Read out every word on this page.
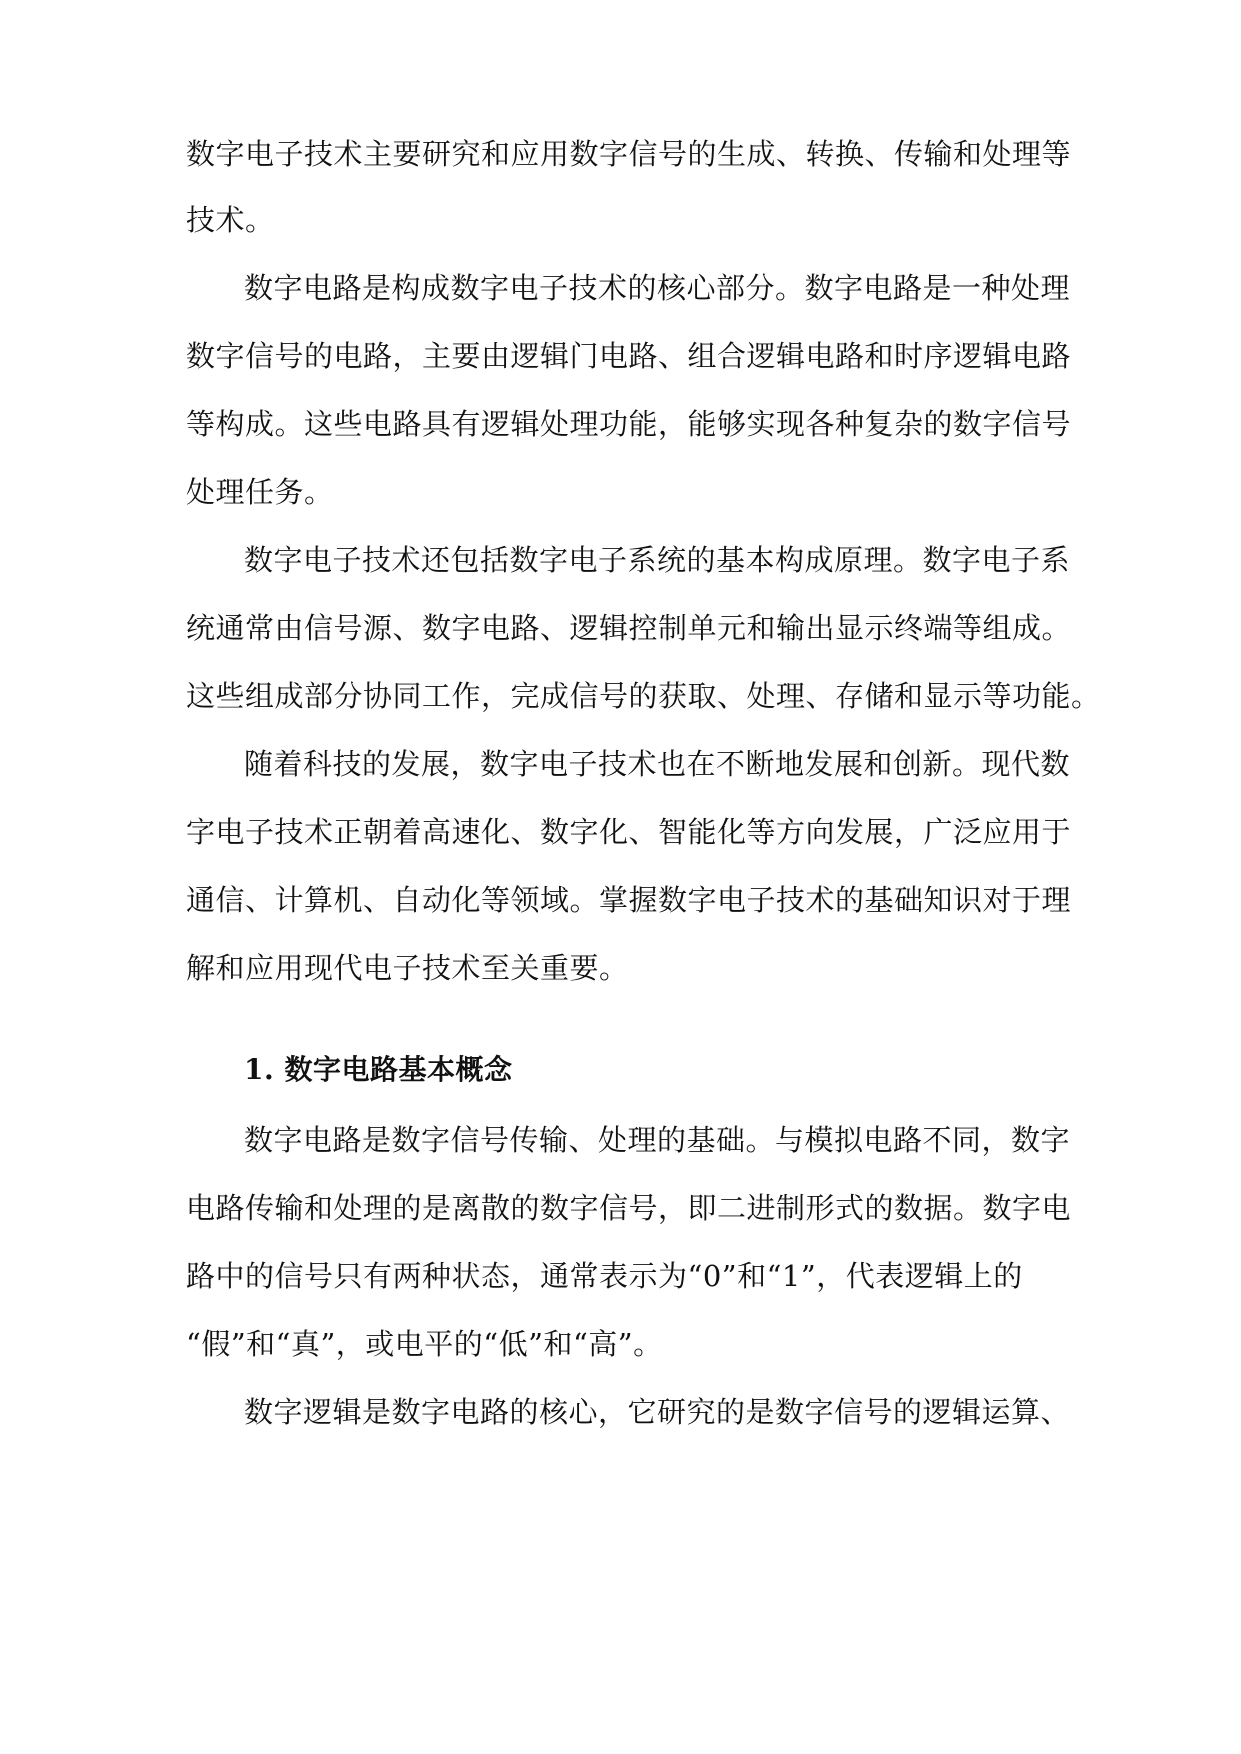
数字电子技术主要研究和应用数字信号的生成、转换、传输和处理等
技术。
数字电路是构成数字电子技术的核心部分。数字电路是一种处理
数字信号的电路，主要由逻辑门电路、组合逻辑电路和时序逻辑电路
等构成。这些电路具有逻辑处理功能，能够实现各种复杂的数字信号
处理任务。
数字电子技术还包括数字电子系统的基本构成原理。数字电子系
统通常由信号源、数字电路、逻辑控制单元和输出显示终端等组成。
这些组成部分协同工作，完成信号的获取、处理、存储和显示等功能。
随着科技的发展，数字电子技术也在不断地发展和创新。现代数
字电子技术正朝着高速化、数字化、智能化等方向发展，广泛应用于
通信、计算机、自动化等领域。掌握数字电子技术的基础知识对于理
解和应用现代电子技术至关重要。
1. 数字电路基本概念
数字电路是数字信号传输、处理的基础。与模拟电路不同，数字
电路传输和处理的是离散的数字信号，即二进制形式的数据。数字电
路中的信号只有两种状态，通常表示为“0”和“1”，代表逻辑上的
“假”和“真”，或电平的“低”和“高”。
数字逻辑是数字电路的核心，它研究的是数字信号的逻辑运算、
